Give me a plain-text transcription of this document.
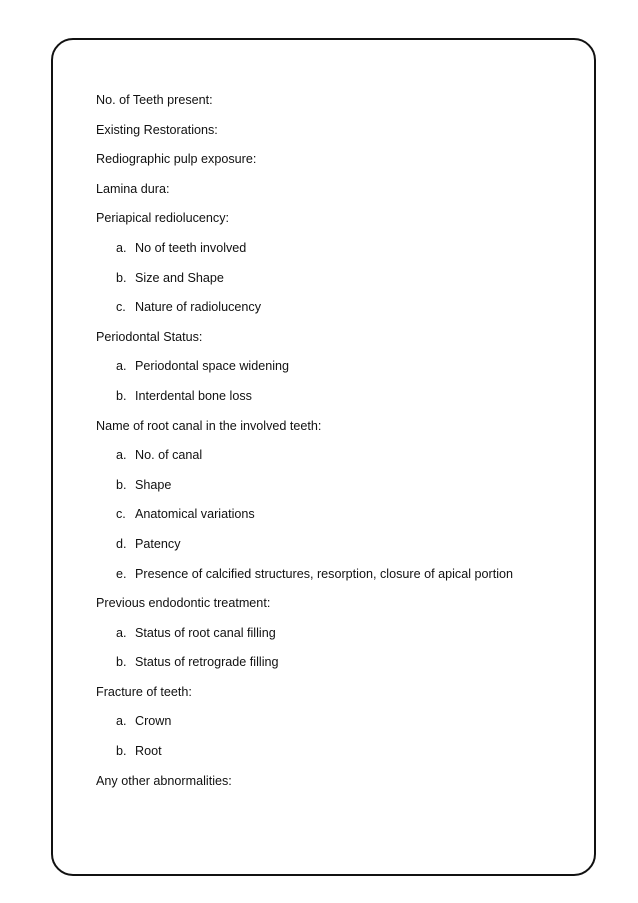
No. of Teeth present:
Existing Restorations:
Rediographic pulp exposure:
Lamina dura:
Periapical rediolucency:
a. No of teeth involved
b. Size and Shape
c. Nature of radiolucency
Periodontal Status:
a. Periodontal space widening
b. Interdental bone loss
Name of root canal in the involved teeth:
a. No. of canal
b. Shape
c. Anatomical variations
d. Patency
e. Presence of calcified structures, resorption, closure of apical portion
Previous endodontic treatment:
a. Status of root canal filling
b. Status of retrograde filling
Fracture of teeth:
a. Crown
b. Root
Any other abnormalities:
